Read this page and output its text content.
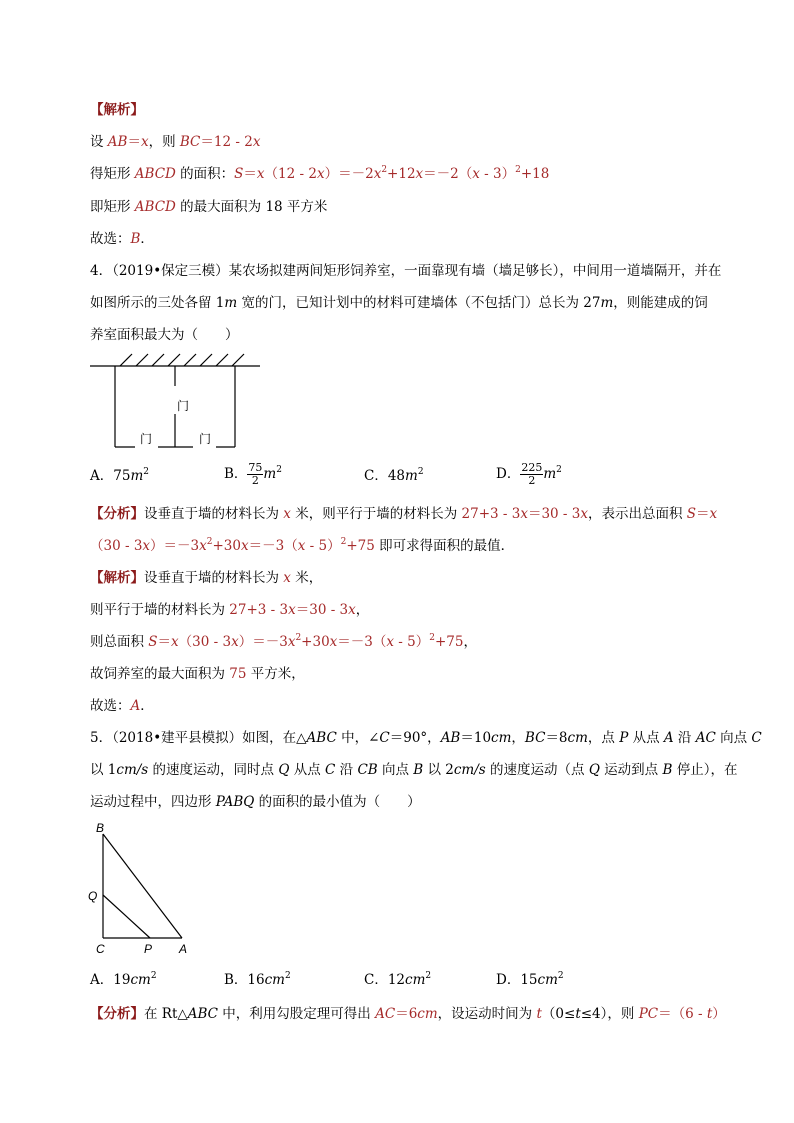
【解析】
设 AB＝x，则 BC＝12 - 2x
得矩形 ABCD 的面积：$S=x(12 - 2x)=-2x^2+12x=-2(x - 3)^2+18$
即矩形 ABCD 的最大面积为 18 平方米
故选：B．
4．（2019•保定三模）某农场拟建两间矩形饲养室，一面靠现有墙（墙足够长），中间用一道墙隔开，并在
如图所示的三处各留 1m 宽的门，已知计划中的材料可建墙体（不包括门）总长为 27m，则能建成的饲
养室面积最大为（　　）
门
门	门
A．$75m^2$	B． $\frac{75}{2} m^2$	C．$48m^2$	D． $\frac{225}{2} m^2$
【分析】设垂直于墙的材料长为 x 米，则平行于墙的材料长为 27+3 - 3x＝30 - 3x，表示出总面积 S＝x
$(30 - 3x)=-3x^2+30x=-3(x - 5)^2+75$ 即可求得面积的最值．
【解析】设垂直于墙的材料长为 x 米，
则平行于墙的材料长为 27+3 - 3x＝30 - 3x，
则总面积 $S=x(30 - 3x)=-3x^2+30x=-3(x - 5)^2+75$，
故饲养室的最大面积为 75 平方米，
故选：A．
5．（2018•建平县模拟）如图，在△ABC 中，∠C＝90°，AB＝10cm，BC＝8cm，点 P 从点 A 沿 AC 向点 C
以 1cm/s 的速度运动，同时点 Q 从点 C 沿 CB 向点 B 以 2cm/s 的速度运动（点 Q 运动到点 B 停止），在
运动过程中，四边形 PABQ 的面积的最小值为（　　）
B
Q
C	P A
A．$19cm^2$	B．$16cm^2$	C．$12cm^2$	D．$15cm^2$
【分析】在 Rt△ABC 中，利用勾股定理可得出 AC＝6cm，设运动时间为 t（0≤t≤4），则 PC＝（6 - t）
